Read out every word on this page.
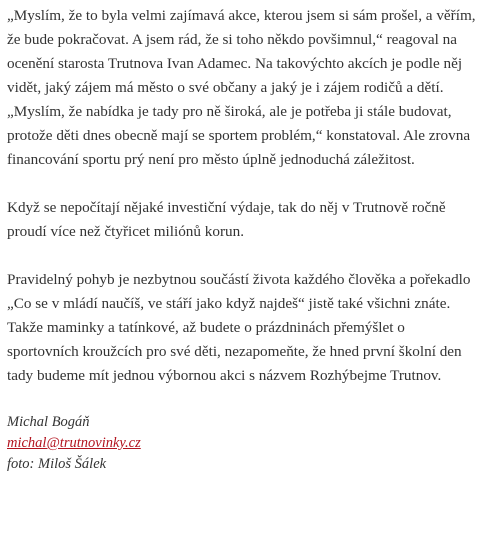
„Myslím, že to byla velmi zajímavá akce, kterou jsem si sám prošel, a věřím, že bude pokračovat. A jsem rád, že si toho někdo povšimnul,“ reagoval na ocenění starosta Trutnova Ivan Adamec. Na takovýchto akcích je podle něj vidět, jaký zájem má město o své občany a jaký je i zájem rodičů a dětí. „Myslím, že nabídka je tady pro ně široká, ale je potřeba ji stále budovat, protože děti dnes obecně mají se sportem problém,“ konstatoval. Ale zrovna financování sportu prý není pro město úplně jednoduchá záležitost.

Když se nepočítají nějaké investiční výdaje, tak do něj v Trutnově ročně proudí více než čtyřicet miliónů korun.

Pravidelný pohyb je nezbytnou součástí života každého člověka a pořekadlo „Co se v mládí naučíš, ve stáří jako když najdeš“ jistě také všichni znáte. Takže maminky a tatínkové, až budete o prázdninách přemýšlet o sportovních kroužcích pro své děti, nezapomeňte, že hned první školní den tady budeme mít jednou výbornou akci s názvem Rozhýbejme Trutnov.

Michal Bogáň
michal@trutnovinky.cz
foto: Miloš Šálek
